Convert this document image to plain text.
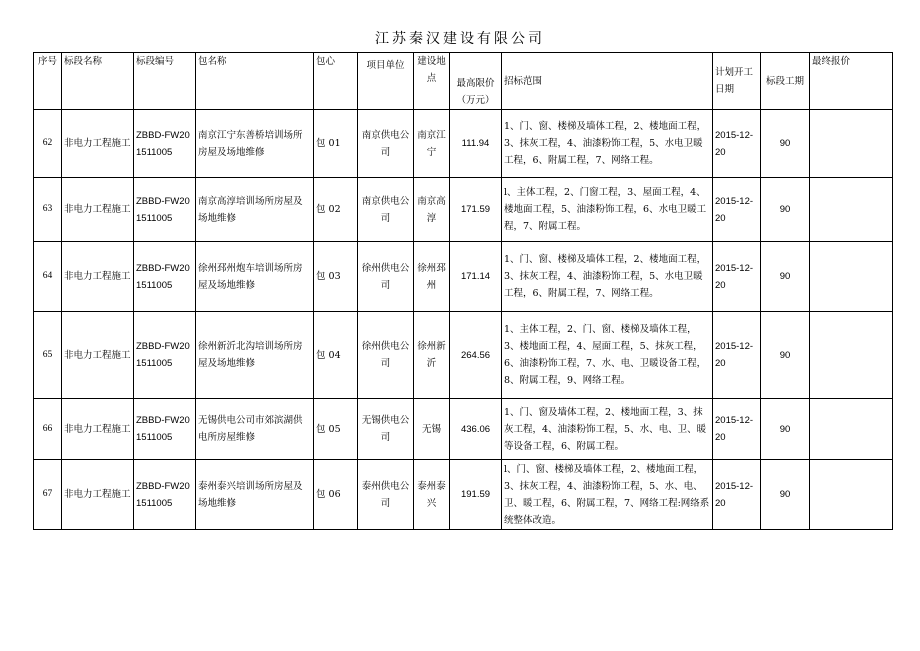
江苏秦汉建设有限公司
序号	标段名称	标段编号	包名称	包心	项目单位	建设地点	最高限价（万元）	招标范围	计划开工日期	标段工期	最终报价
62	非电力工程施工	ZBBD-FW201511005	南京江宁东善桥培训场所房屋及场地维修	包 01	南京供电公司	南京江宁	111.94	1、门、窗、楼梯及墙体工程，2、楼地面工程，3、抹灰工程，4、油漆粉饰工程，5、水电卫暖工程，6、附属工程，7、网络工程。	2015-12-20	90	
63	非电力工程施工	ZBBD-FW201511005	南京高淳培训场所房屋及场地维修	包 02	南京供电公司	南京高淳	171.59	l、主体工程，2、门窗工程，3、屋面工程，4、楼地面工程，5、油漆粉饰工程，6、水电卫暖工程，7、附属工程。	2015-12-20	90	
64	非电力工程施工	ZBBD-FW201511005	徐州邳州炮车培训场所房屋及场地维修	包 03	徐州供电公司	徐州邳州	171.14	1、门、窗、楼梯及墙体工程，2、楼地面工程，3、抹灰工程，4、油漆粉饰工程，5、水电卫暖工程，6、附属工程，7、网络工程。	2015-12-20	90	
65	非电力工程施工	ZBBD-FW201511005	徐州新沂北沟培训场所房屋及场地维修	包 04	徐州供电公司	徐州新沂	264.56	1、主体工程，2、门、窗、楼梯及墙体工程，3、楼地面工程，4、屋面工程，5、抹灰工程，6、油漆粉饰工程，7、水、电、卫暖设备工程，8、附属工程，9、网络工程。	2015-12-20	90	
66	非电力工程施工	ZBBD-FW201511005	无锡供电公司市郊滨湖供电所房屋维修	包 05	无锡供电公司	无锡	436.06	1、门、窗及墙体工程，2、楼地面工程，3、抹灰工程，4、油漆粉饰工程，5、水、电、卫、暖等设备工程，6、附属工程。	2015-12-20	90	
67	非电力工程施工	ZBBD-FW201511005	泰州泰兴培训场所房屋及场地维修	包 06	泰州供电公司	泰州泰兴	191.59	l、门、窗、楼梯及墙体工程，2、楼地面工程，3、抹灰工程，4、油漆粉饰工程，5、水、电、卫、暖工程，6、附属工程，7、网络工程:网络系统整体改造。	2015-12-20	90	
